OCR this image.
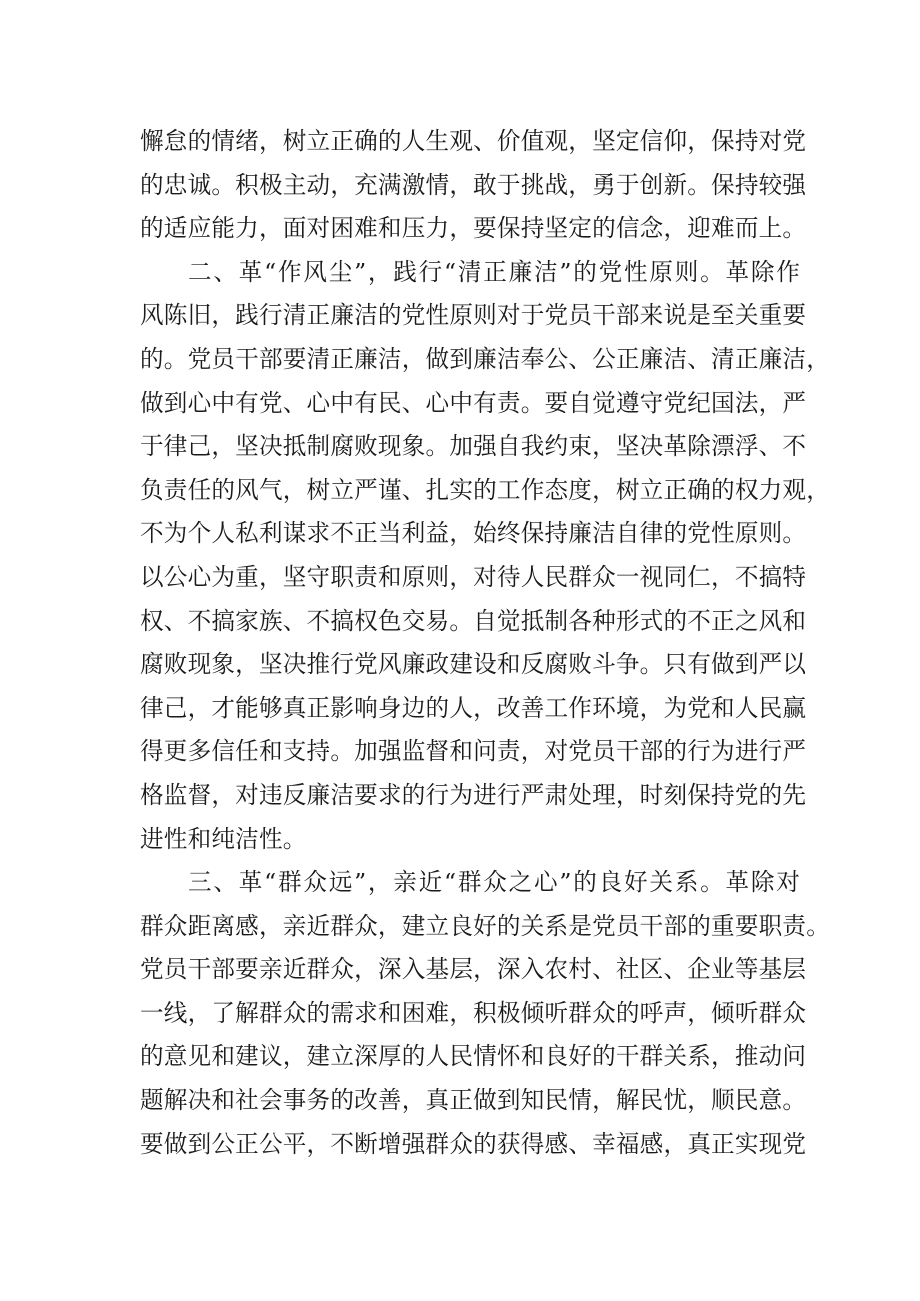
懈怠的情绪，树立正确的人生观、价值观，坚定信仰，保持对党
的忠诚。积极主动，充满激情，敢于挑战，勇于创新。保持较强
的适应能力，面对困难和压力，要保持坚定的信念，迎难而上。
二、革“作风尘”，践行“清正廉洁”的党性原则。革除作
风陈旧，践行清正廉洁的党性原则对于党员干部来说是至关重要
的。党员干部要清正廉洁，做到廉洁奉公、公正廉洁、清正廉洁，
做到心中有党、心中有民、心中有责。要自觉遵守党纪国法，严
于律己，坚决抵制腐败现象。加强自我约束，坚决革除漂浮、不
负责任的风气，树立严谨、扎实的工作态度，树立正确的权力观，
不为个人私利谋求不正当利益，始终保持廉洁自律的党性原则。
以公心为重，坚守职责和原则，对待人民群众一视同仁，不搞特
权、不搞家族、不搞权色交易。自觉抵制各种形式的不正之风和
腐败现象，坚决推行党风廉政建设和反腐败斗争。只有做到严以
律己，才能够真正影响身边的人，改善工作环境，为党和人民赢
得更多信任和支持。加强监督和问责，对党员干部的行为进行严
格监督，对违反廉洁要求的行为进行严肃处理，时刻保持党的先
进性和纯洁性。
三、革“群众远”，亲近“群众之心”的良好关系。革除对
群众距离感，亲近群众，建立良好的关系是党员干部的重要职责。
党员干部要亲近群众，深入基层，深入农村、社区、企业等基层
一线，了解群众的需求和困难，积极倾听群众的呼声，倾听群众
的意见和建议，建立深厚的人民情怀和良好的干群关系，推动问
题解决和社会事务的改善，真正做到知民情，解民忧，顺民意。
要做到公正公平，不断增强群众的获得感、幸福感，真正实现党
